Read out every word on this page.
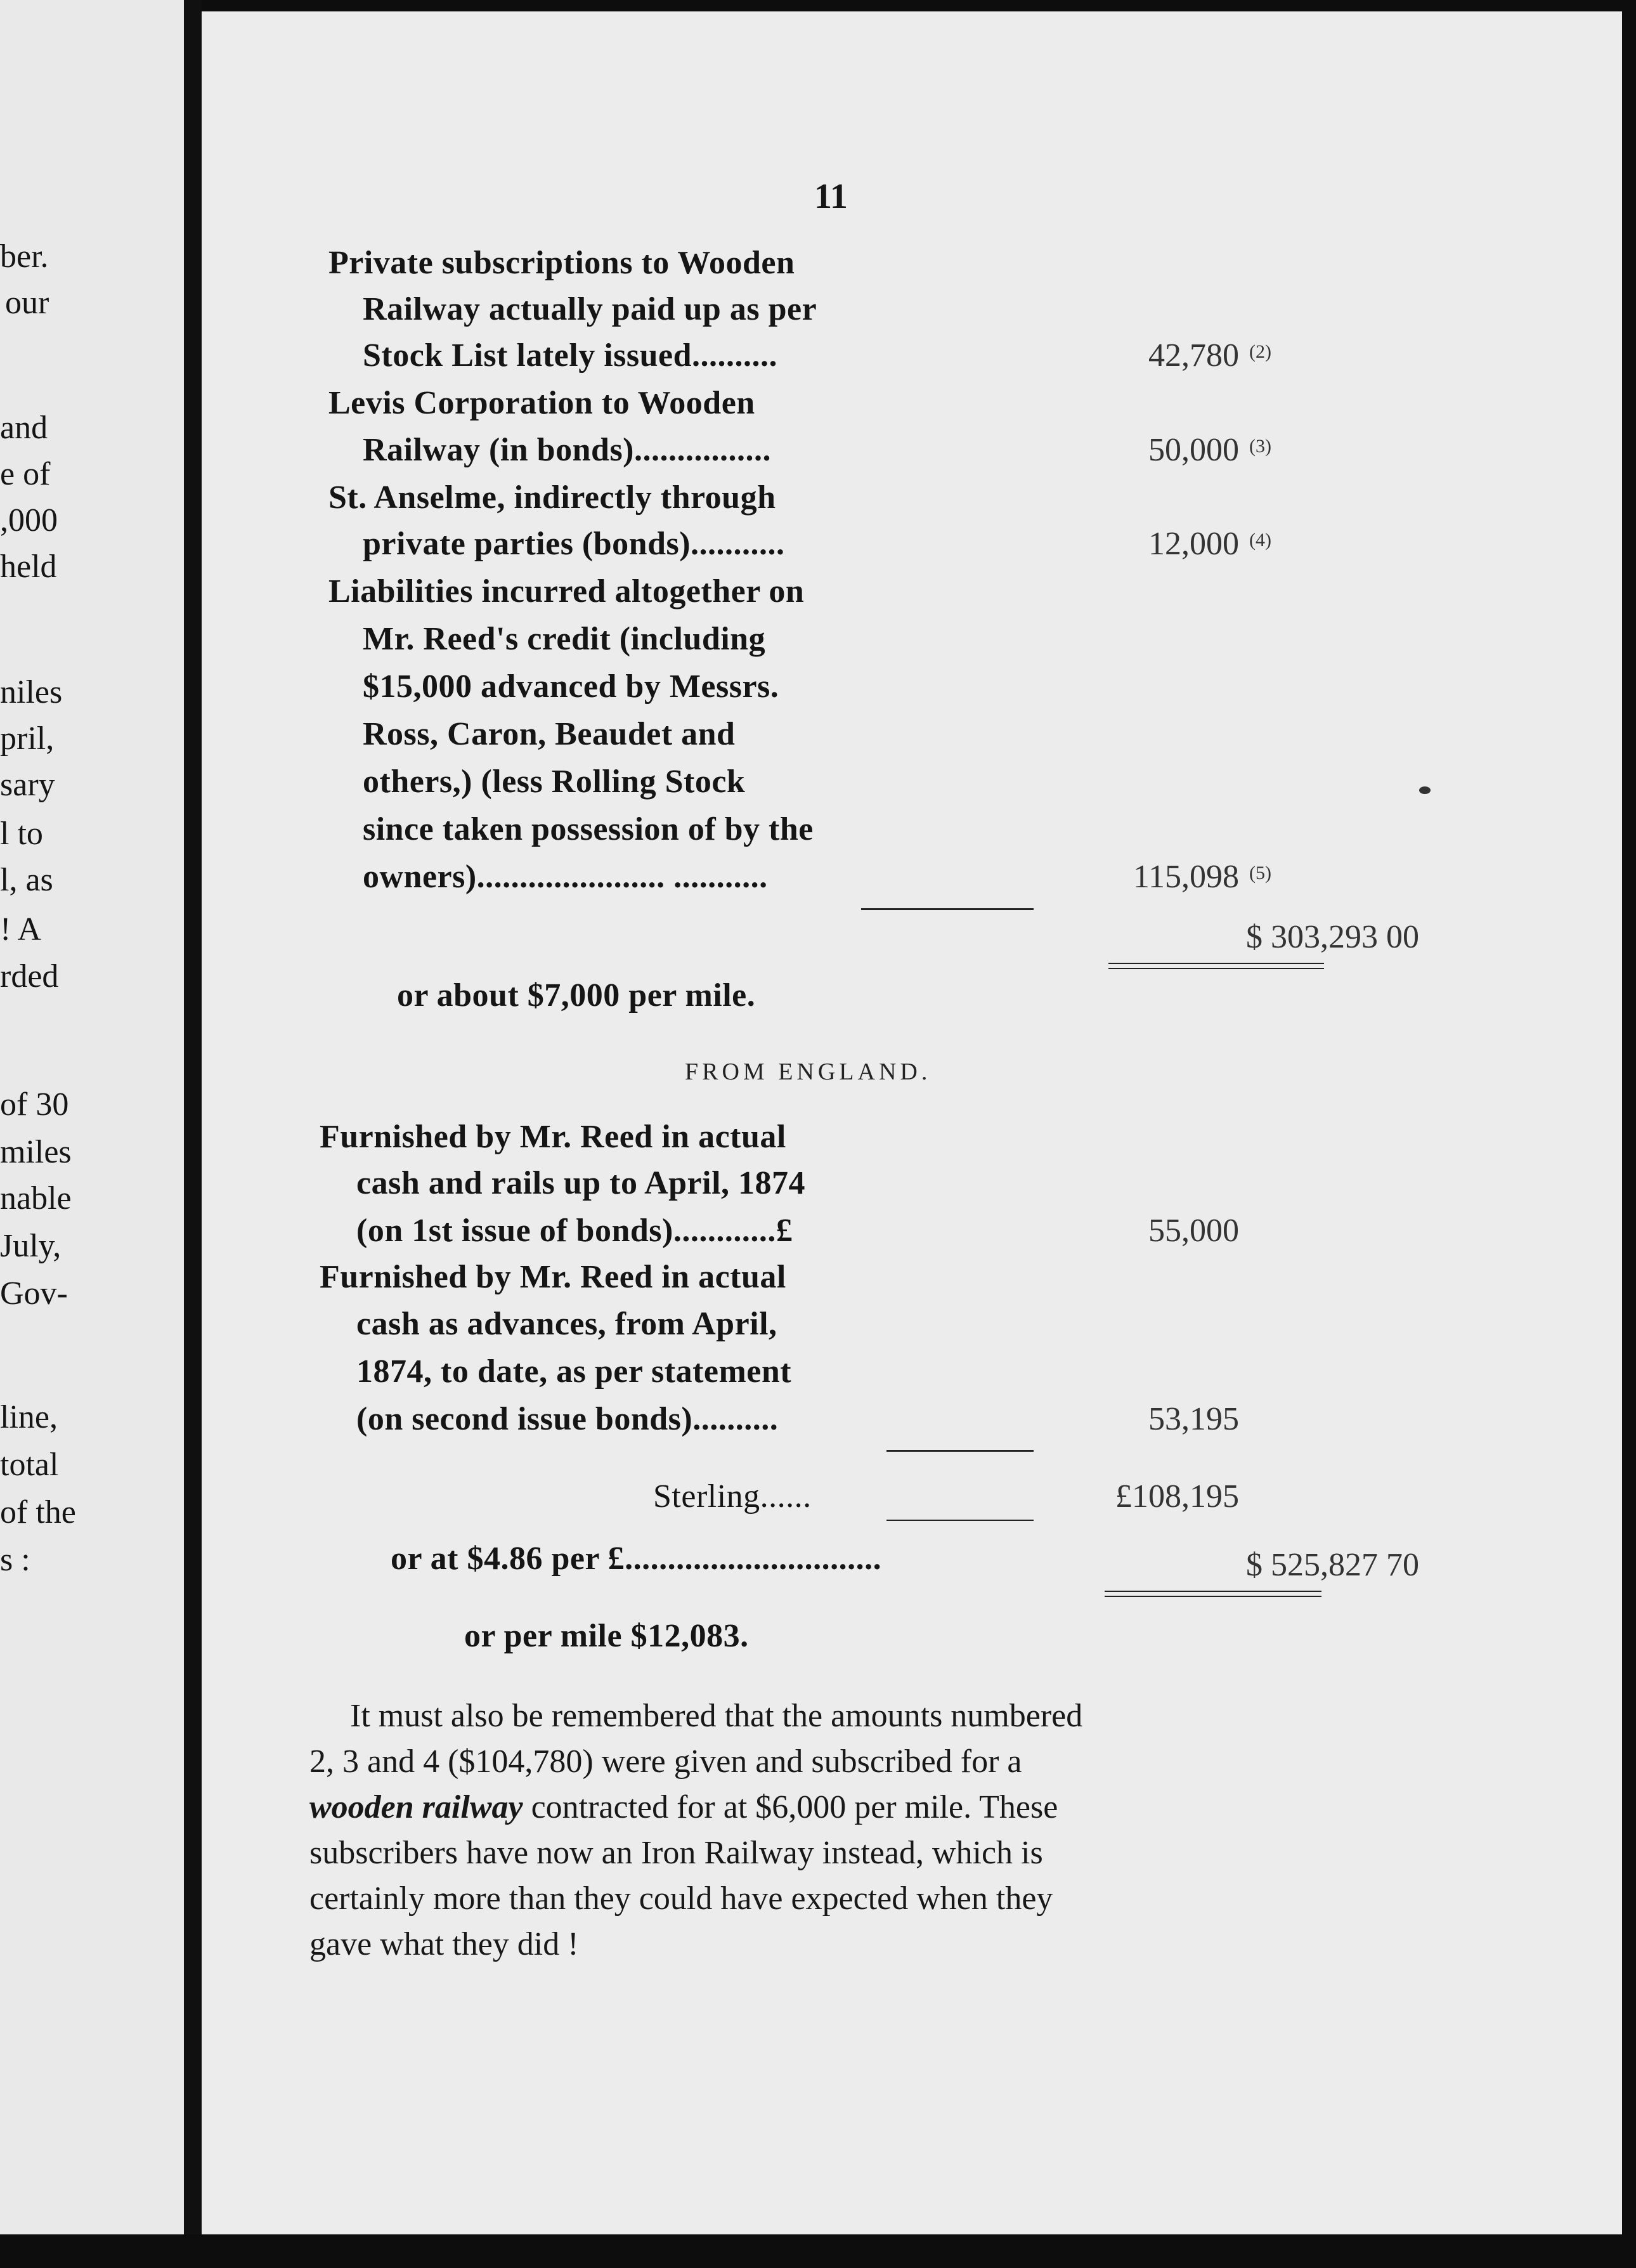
ber.
our
and
e of
,000
held
niles
pril,
sary
l to
l, as
! A
rded
of 30
miles
nable
July,
Gov-
line,
total
of the
s :
11
Private subscriptions to Wooden
Railway actually paid up as per
Stock List lately issued..........	42,780 (2)
Levis Corporation to Wooden
Railway (in bonds)................	50,000 (3)
St. Anselme, indirectly through
private parties (bonds)...........	12,000 (4)
Liabilities incurred altogether on
Mr. Reed's credit (including
$15,000 advanced by Messrs.
Ross, Caron, Beaudet and
others,) (less Rolling Stock
since taken possession of by the
owners)...................... ...........	115,098 (5)
$ 303,293 00
or about $7,000 per mile.
FROM ENGLAND.
Furnished by Mr. Reed in actual
cash and rails up to April, 1874
(on 1st issue of bonds)............£	55,000
Furnished by Mr. Reed in actual
cash as advances, from April,
1874, to date, as per statement
(on second issue bonds)..........	53,195
Sterling......	£108,195
or at $4.86 per £..............................	$ 525,827 70
or per mile $12,083.
It must also be remembered that the amounts numbered
2, 3 and 4 ($104,780) were given and subscribed for a
wooden railway contracted for at $6,000 per mile. These
subscribers have now an Iron Railway instead, which is
certainly more than they could have expected when they
gave what they did !
